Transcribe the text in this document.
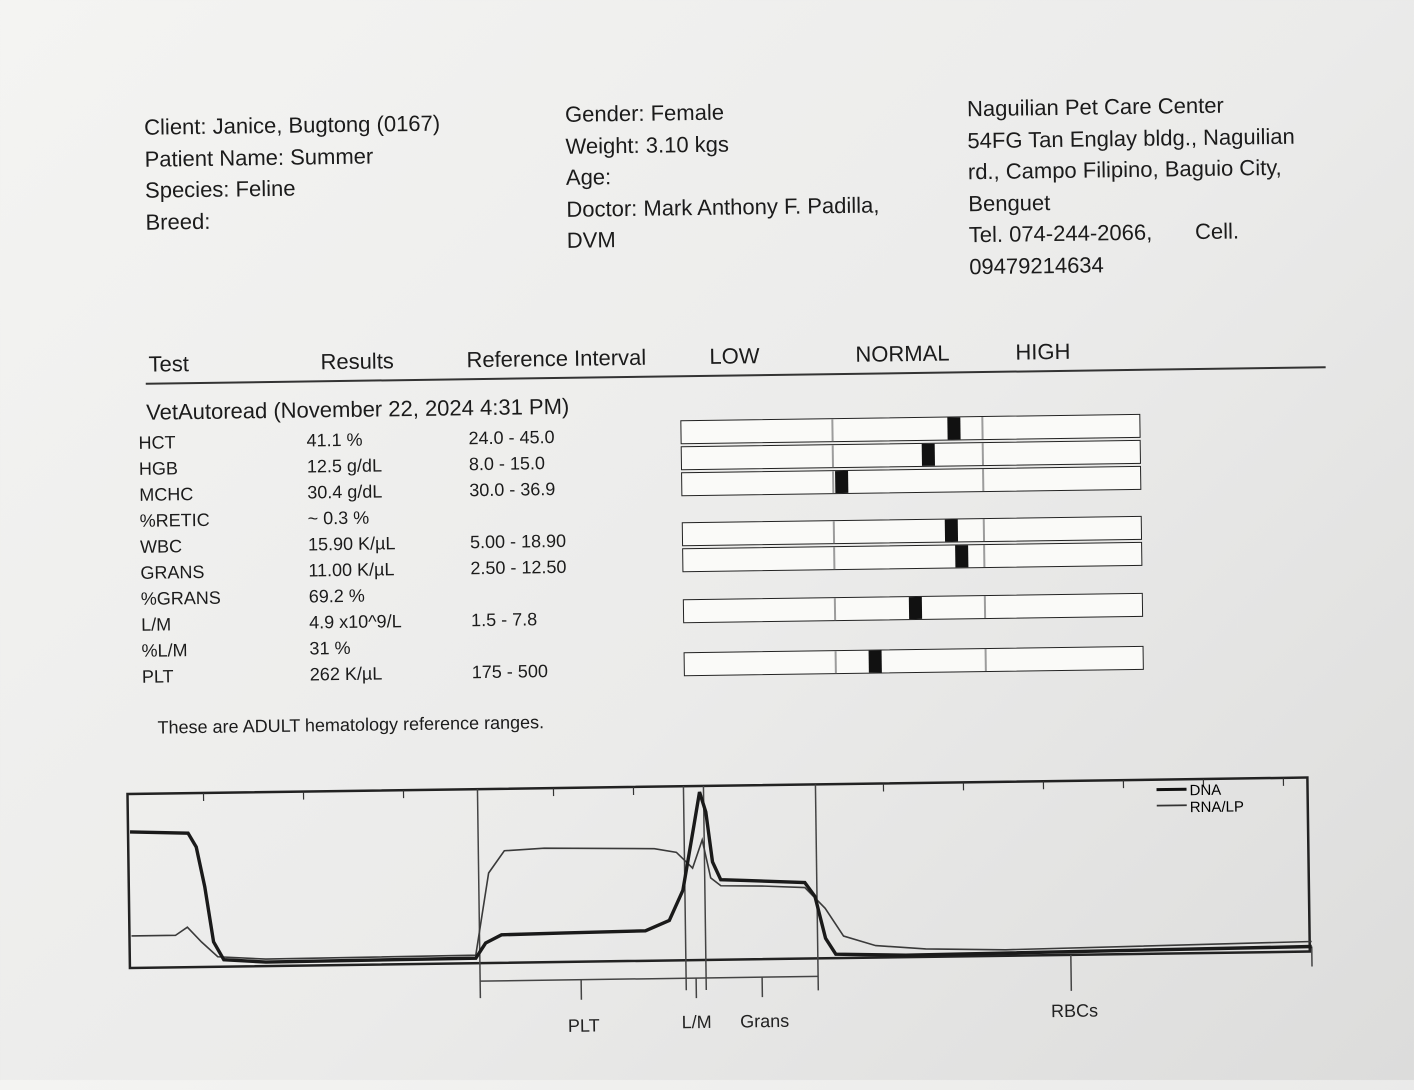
Client: Janice, Bugtong (0167)
Patient Name: Summer
Species: Feline
Breed:
Gender: Female
Weight: 3.10 kgs
Age:
Doctor: Mark Anthony F. Padilla,
DVM
Naguilian Pet Care Center
54FG Tan Englay bldg., Naguilian
rd., Campo Filipino, Baguio City,
Benguet
Tel. 074-244-2066,       Cell.
09479214634
Test	Results	Reference Interval	LOW	NORMAL	HIGH
VetAutoread (November 22, 2024 4:31 PM)
HCT	41.1 %	24.0 - 45.0
HGB	12.5 g/dL	8.0 - 15.0
MCHC	30.4 g/dL	30.0 - 36.9
%RETIC	~ 0.3 %
WBC	15.90 K/µL	5.00 - 18.90
GRANS	11.00 K/µL	2.50 - 12.50
%GRANS	69.2 %
L/M	4.9 x10^9/L	1.5 - 7.8
%L/M	31 %
PLT	262 K/µL	175 - 500
These are ADULT hematology reference ranges.
DNA
RNA/LP
PLT	L/M Grans	RBCs
